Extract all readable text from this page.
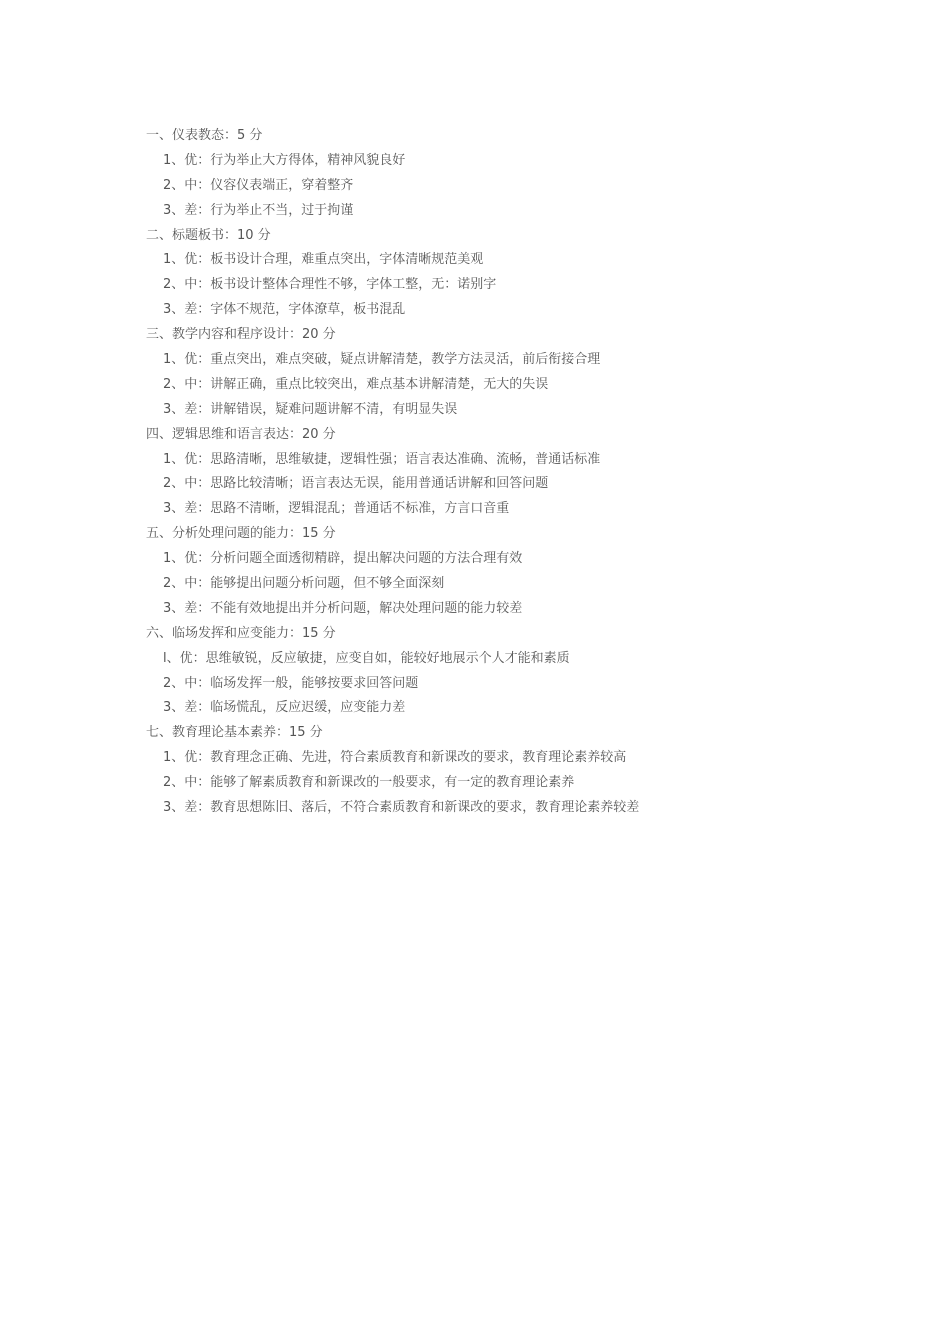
一、仪表教态：5 分
1、优：行为举止大方得体，精神风貌良好
2、中：仪容仪表端正，穿着整齐
3、差：行为举止不当，过于拘谨
二、标题板书：10 分
1、优：板书设计合理，难重点突出，字体清晰规范美观
2、中：板书设计整体合理性不够，字体工整，无：诺别字
3、差：字体不规范，字体潦草，板书混乱
三、教学内容和程序设计：20 分
1、优：重点突出，难点突破，疑点讲解清楚，教学方法灵活，前后衔接合理
2、中：讲解正确，重点比较突出，难点基本讲解清楚，无大的失误
3、差：讲解错误，疑难问题讲解不清，有明显失误
四、逻辑思维和语言表达：20 分
1、优：思路清晰，思维敏捷，逻辑性强；语言表达准确、流畅，普通话标准
2、中：思路比较清晰；语言表达无误，能用普通话讲解和回答问题
3、差：思路不清晰，逻辑混乱；普通话不标准，方言口音重
五、分析处理问题的能力：15 分
1、优：分析问题全面透彻精辟，提出解决问题的方法合理有效
2、中：能够提出问题分析问题，但不够全面深刻
3、差：不能有效地提出并分析问题，解决处理问题的能力较差
六、临场发挥和应变能力：15 分
l、优：思维敏锐，反应敏捷，应变自如，能较好地展示个人才能和素质
2、中：临场发挥一般，能够按要求回答问题
3、差：临场慌乱，反应迟缓，应变能力差
七、教育理论基本素养：15 分
1、优：教育理念正确、先进，符合素质教育和新课改的要求，教育理论素养较高
2、中：能够了解素质教育和新课改的一般要求，有一定的教育理论素养
3、差：教育思想陈旧、落后，不符合素质教育和新课改的要求，教育理论素养较差
